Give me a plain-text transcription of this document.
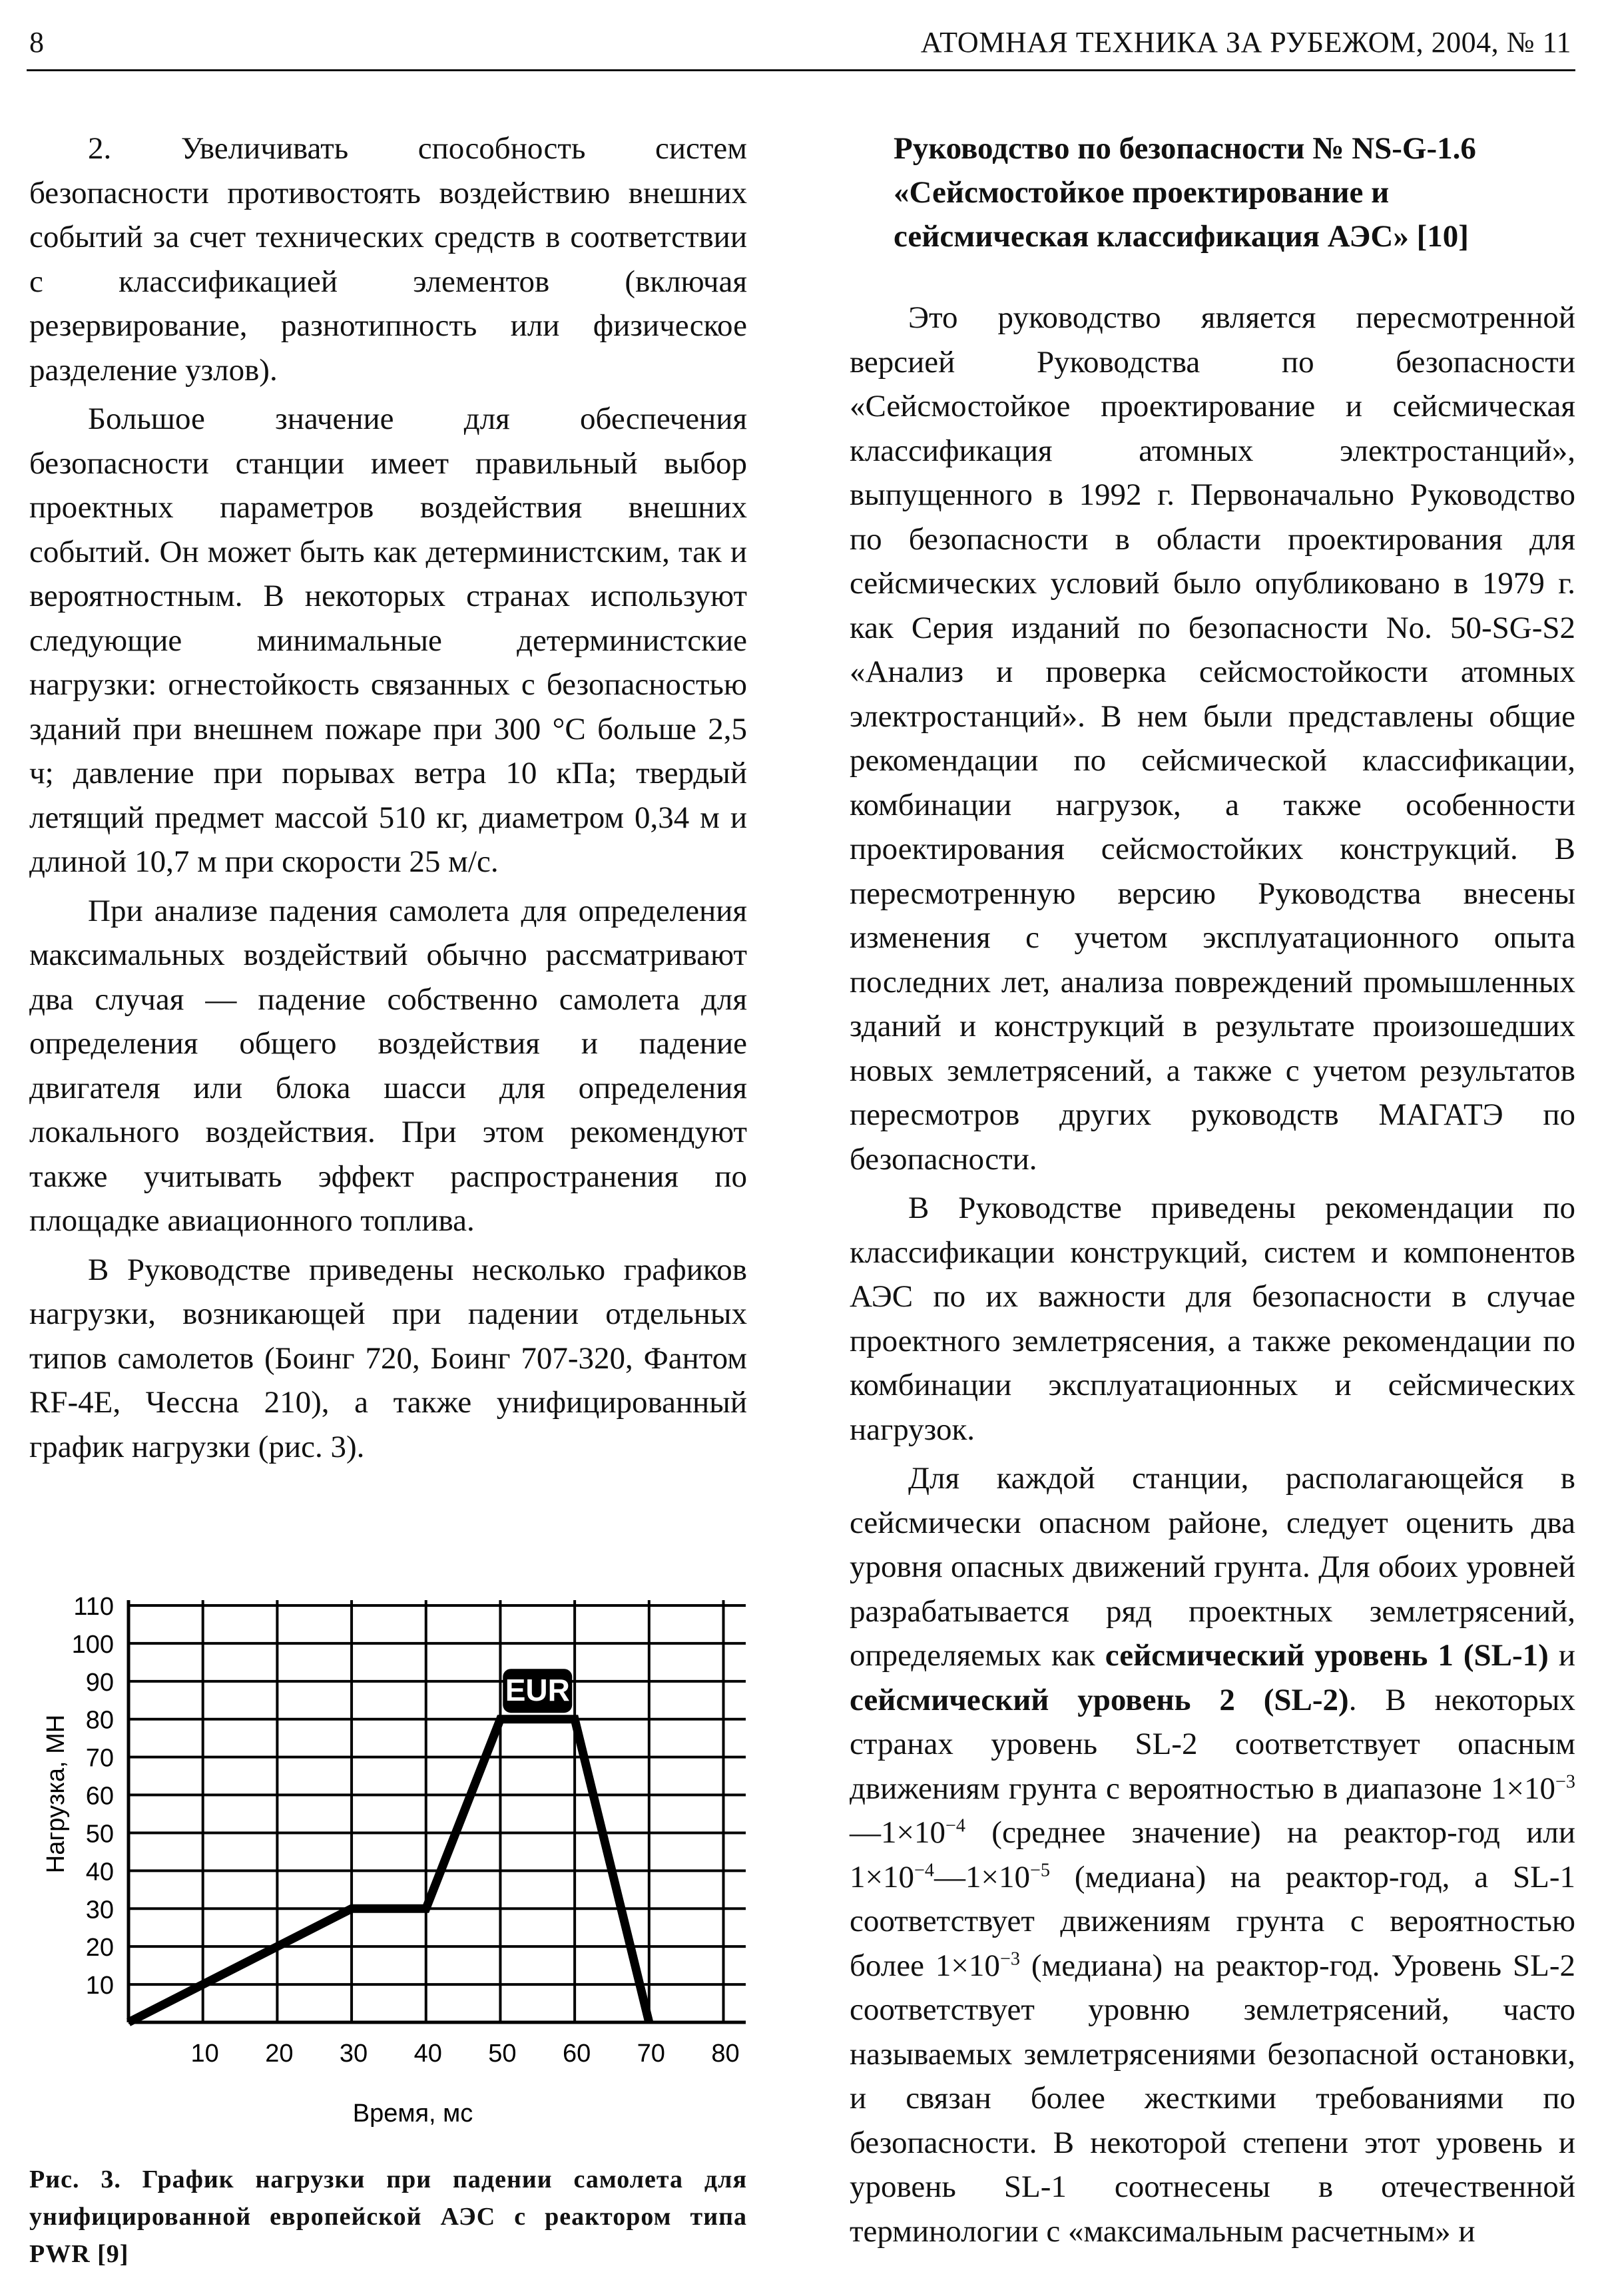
8	АТОМНАЯ ТЕХНИКА ЗА РУБЕЖОМ, 2004, № 11

2. Увеличивать способность систем безопасности противостоять воздействию внешних событий за счет технических средств в соответствии с классификацией элементов (включая резервирование, разнотипность или физическое разделение узлов).

Большое значение для обеспечения безопасности станции имеет правильный выбор проектных параметров воздействия внешних событий. Он может быть как детерминистским, так и вероятностным. В некоторых странах используют следующие минимальные детерминистские нагрузки: огнестойкость связанных с безопасностью зданий при внешнем пожаре при 300 °С больше 2,5 ч; давление при порывах ветра 10 кПа; твердый летящий предмет массой 510 кг, диаметром 0,34 м и длиной 10,7 м при скорости 25 м/с.

При анализе падения самолета для определения максимальных воздействий обычно рассматривают два случая — падение собственно самолета для определения общего воздействия и падение двигателя или блока шасси для определения локального воздействия. При этом рекомендуют также учитывать эффект распространения по площадке авиационного топлива.

В Руководстве приведены несколько графиков нагрузки, возникающей при падении отдельных типов самолетов (Боинг 720, Боинг 707-320, Фантом RF-4E, Чессна 210), а также унифицированный график нагрузки (рис. 3).

10
20
30
40
50
60
70
80
90
100
110
10 20 30 40 50 60 70 80
EUR
Время, мс
Нагрузка, МН
Рис. 3. График нагрузки при падении самолета для унифицированной европейской АЭС с реактором типа PWR [9]

Руководство по безопасности № NS-G-1.6 «Сейсмостойкое проектирование и сейсмическая классификация АЭС» [10]

Это руководство является пересмотренной версией Руководства по безопасности «Сейсмостойкое проектирование и сейсмическая классификация атомных электростанций», выпущенного в 1992 г. Первоначально Руководство по безопасности в области проектирования для сейсмических условий было опубликовано в 1979 г. как Серия изданий по безопасности No. 50-SG-S2 «Анализ и проверка сейсмостойкости атомных электростанций». В нем были представлены общие рекомендации по сейсмической классификации, комбинации нагрузок, а также особенности проектирования сейсмостойких конструкций. В пересмотренную версию Руководства внесены изменения с учетом эксплуатационного опыта последних лет, анализа повреждений промышленных зданий и конструкций в результате произошедших новых землетрясений, а также с учетом результатов пересмотров других руководств МАГАТЭ по безопасности.

В Руководстве приведены рекомендации по классификации конструкций, систем и компонентов АЭС по их важности для безопасности в случае проектного землетрясения, а также рекомендации по комбинации эксплуатационных и сейсмических нагрузок.

Для каждой станции, располагающейся в сейсмически опасном районе, следует оценить два уровня опасных движений грунта. Для обоих уровней разрабатывается ряд проектных землетрясений, определяемых как сейсмический уровень 1 (SL-1) и сейсмический уровень 2 (SL-2). В некоторых странах уровень SL-2 соответствует опасным движениям грунта с вероятностью в диапазоне $1\times 10^{-3}—1\times 10^{-4}$ (среднее значение) на реактор-год или $1\times 10^{-4}—1\times 10^{-5}$ (медиана) на реактор-год, а SL-1 соответствует движениям грунта с вероятностью более $1\times 10^{-3}$ (медиана) на реактор-год. Уровень SL-2 соответствует уровню землетрясений, часто называемых землетрясениями безопасной остановки, и связан более жесткими требованиями по безопасности. В некоторой степени этот уровень и уровень SL-1 соотнесены в отечественной терминологии с «максимальным расчетным» и
